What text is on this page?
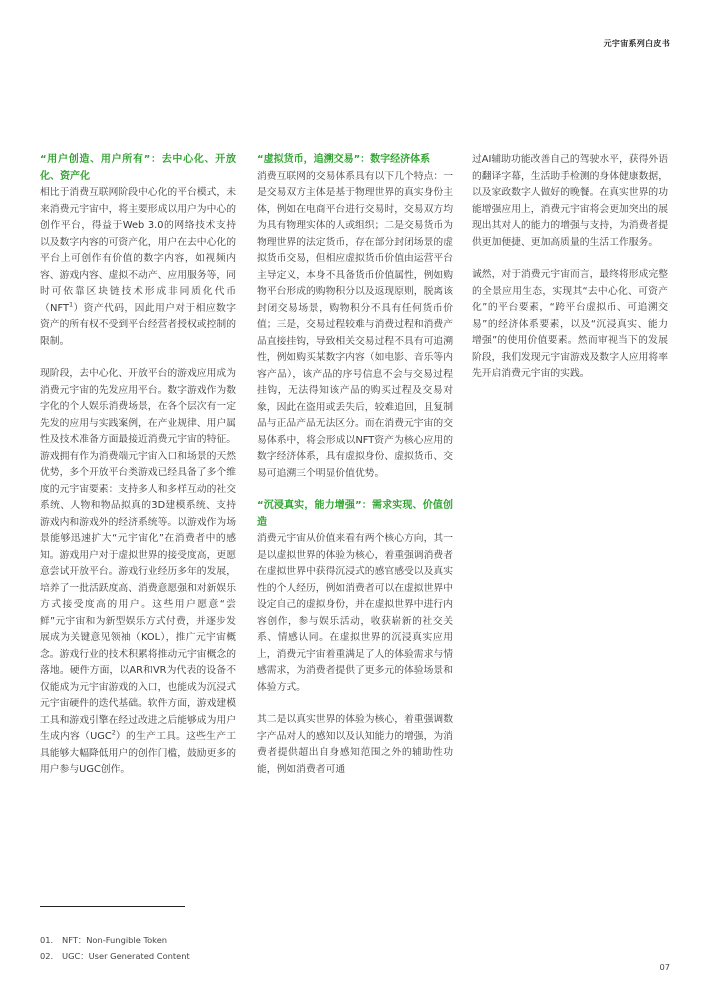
元宇宙系列白皮书
“用户创造、用户所有”：去中心化、开放化、资产化

相比于消费互联网阶段中心化的平台模式，未来消费元宇宙中，将主要形成以用户为中心的创作平台，得益于Web 3.0的网络技术支持以及数字内容的可资产化，用户在去中心化的平台上可创作有价值的数字内容，如视频内容、游戏内容、虚拟不动产、应用服务等，同时可依靠区块链技术形成非同质化代币（NFT$^1$）资产代码，因此用户对于相应数字资产的所有权不受到平台经营者授权或控制的限制。

现阶段，去中心化、开放平台的游戏应用成为消费元宇宙的先发应用平台。数字游戏作为数字化的个人娱乐消费场景，在各个层次有一定先发的应用与实践案例，在产业规律、用户属性及技术准备方面最接近消费元宇宙的特征。游戏拥有作为消费端元宇宙入口和场景的天然优势，多个开放平台类游戏已经具备了多个维度的元宇宙要素：支持多人和多样互动的社交系统、人物和物品拟真的3D建模系统、支持游戏内和游戏外的经济系统等。以游戏作为场景能够迅速扩大“元宇宙化”在消费者中的感知。游戏用户对于虚拟世界的接受度高，更愿意尝试开放平台。游戏行业经历多年的发展，培养了一批活跃度高、消费意愿强和对新娱乐方式接受度高的用户。这些用户愿意“尝鲜”元宇宙和为新型娱乐方式付费，并逐步发展成为关键意见领袖（KOL），推广元宇宙概念。游戏行业的技术积累将推动元宇宙概念的落地。硬件方面，以AR和VR为代表的设备不仅能成为元宇宙游戏的入口，也能成为沉浸式元宇宙硬件的迭代基础。软件方面，游戏建模工具和游戏引擎在经过改进之后能够成为用户生成内容（UGC$^2$）的生产工具。这些生产工具能够大幅降低用户的创作门槛，鼓励更多的用户参与UGC创作。

“虚拟货币，追溯交易”：数字经济体系

消费互联网的交易体系具有以下几个特点：一是交易双方主体是基于物理世界的真实身份主体，例如在电商平台进行交易时，交易双方均为具有物理实体的人或组织；二是交易货币为物理世界的法定货币，存在部分封闭场景的虚拟货币交易，但相应虚拟货币价值由运营平台主导定义，本身不具备货币价值属性，例如购物平台形成的购物积分以及返现原则，脱离该封闭交易场景，购物积分不具有任何货币价值；三是，交易过程较难与消费过程和消费产品直接挂钩，导致相关交易过程不具有可追溯性，例如购买某数字内容（如电影、音乐等内容产品），该产品的序号信息不会与交易过程挂钩，无法得知该产品的购买过程及交易对象，因此在盗用或丢失后，较难追回，且复制品与正品产品无法区分。而在消费元宇宙的交易体系中，将会形成以NFT资产为核心应用的数字经济体系，具有虚拟身份、虚拟货币、交易可追溯三个明显价值优势。

“沉浸真实，能力增强”：需求实现、价值创造

消费元宇宙从价值来看有两个核心方向，其一是以虚拟世界的体验为核心，着重强调消费者在虚拟世界中获得沉浸式的感官感受以及真实性的个人经历，例如消费者可以在虚拟世界中设定自己的虚拟身份，并在虚拟世界中进行内容创作，参与娱乐活动，收获崭新的社交关系、情感认同。在虚拟世界的沉浸真实应用上，消费元宇宙着重满足了人的体验需求与情感需求，为消费者提供了更多元的体验场景和体验方式。

其二是以真实世界的体验为核心，着重强调数字产品对人的感知以及认知能力的增强，为消费者提供超出自身感知范围之外的辅助性功能，例如消费者可通

过AI辅助功能改善自己的驾驶水平，获得外语的翻译字幕，生活助手检测的身体健康数据，以及家政数字人做好的晚餐。在真实世界的功能增强应用上，消费元宇宙将会更加突出的展现出其对人的能力的增强与支持，为消费者提供更加便捷、更加高质量的生活工作服务。

诚然，对于消费元宇宙而言，最终将形成完整的全景应用生态，实现其“去中心化、可资产化”的平台要素，“跨平台虚拟币、可追溯交易”的经济体系要素，以及“沉浸真实、能力增强”的使用价值要素。然而审视当下的发展阶段，我们发现元宇宙游戏及数字人应用将率先开启消费元宇宙的实践。

01. NFT：Non-Fungible Token
02. UGC：User Generated Content
07
